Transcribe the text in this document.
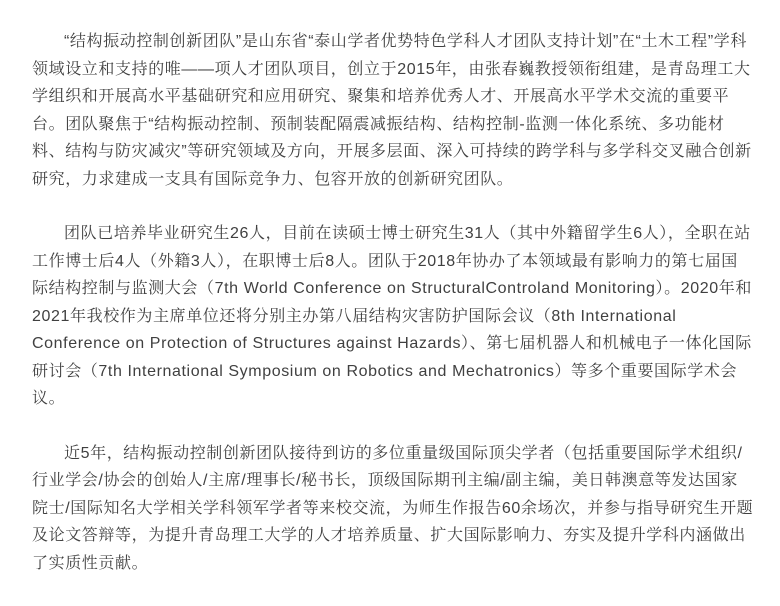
“结构振动控制创新团队”是山东省“泰山学者优势特色学科人才团队支持计划”在“土木工程”学科领域设立和支持的唯——项人才团队项目，创立于2015年，由张春巍教授领衔组建，是青岛理工大学组织和开展高水平基础研究和应用研究、聚集和培养优秀人才、开展高水平学术交流的重要平台。团队聚焦于“结构振动控制、预制装配隔震减振结构、结构控制-监测一体化系统、多功能材料、结构与防灾减灾”等研究领域及方向，开展多层面、深入可持续的跨学科与多学科交叉融合创新研究，力求建成一支具有国际竞争力、包容开放的创新研究团队。

团队已培养毕业研究生26人，目前在读硕士博士研究生31人（其中外籍留学生6人），全职在站工作博士后4人（外籍3人），在职博士后8人。团队于2018年协办了本领域最有影响力的第七届国际结构控制与监测大会（7th World Conference on StructuralControland Monitoring）。2020年和2021年我校作为主席单位还将分别主办第八届结构灾害防护国际会议（8th International Conference on Protection of Structures against Hazards）、第七届机器人和机械电子一体化国际研讨会（7th International Symposium on Robotics and Mechatronics）等多个重要国际学术会议。

近5年，结构振动控制创新团队接待到访的多位重量级国际顶尖学者（包括重要国际学术组织/行业学会/协会的创始人/主席/理事长/秘书长，顶级国际期刊主编/副主编，美日韩澳意等发达国家院士/国际知名大学相关学科领军学者等来校交流，为师生作报告60余场次，并参与指导研究生开题及论文答辩等，为提升青岛理工大学的人才培养质量、扩大国际影响力、夯实及提升学科内涵做出了实质性贡献。
